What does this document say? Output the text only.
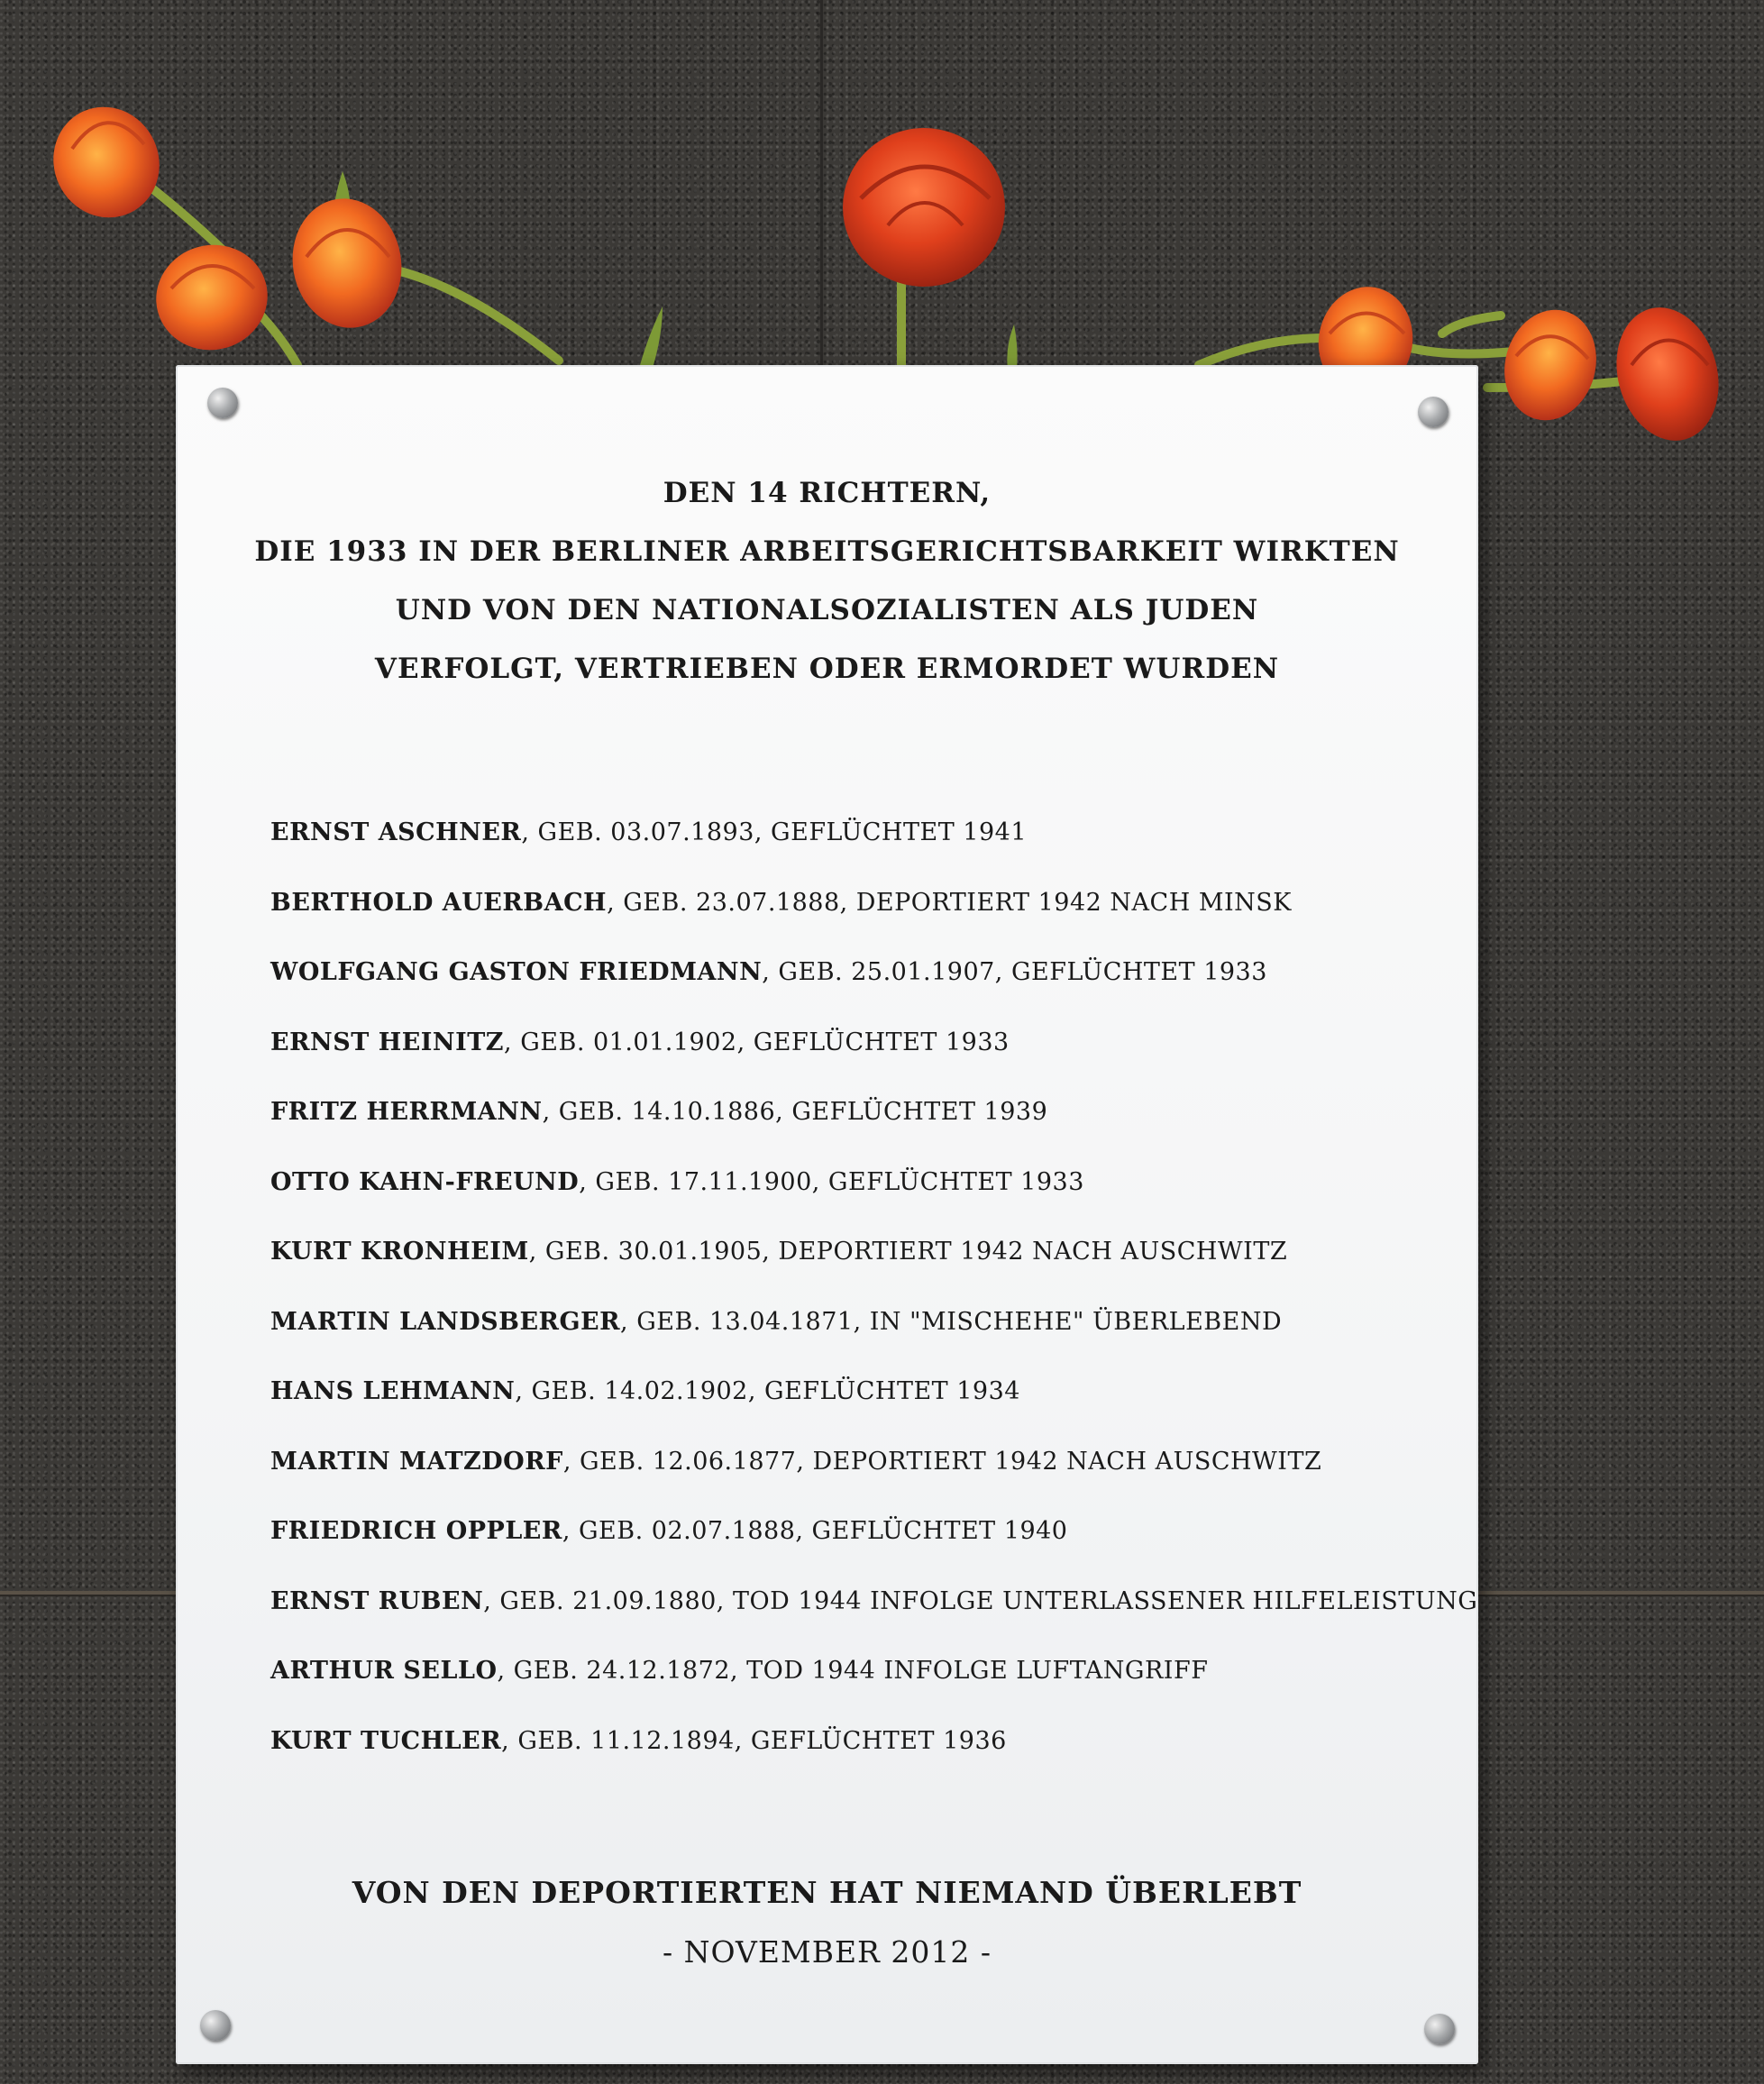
DEN 14 RICHTERN,
DIE 1933 IN DER BERLINER ARBEITSGERICHTSBARKEIT WIRKTEN
UND VON DEN NATIONALSOZIALISTEN ALS JUDEN
VERFOLGT, VERTRIEBEN ODER ERMORDET WURDEN
ERNST ASCHNER, GEB. 03.07.1893, GEFLÜCHTET 1941
BERTHOLD AUERBACH, GEB. 23.07.1888, DEPORTIERT 1942 NACH MINSK
WOLFGANG GASTON FRIEDMANN, GEB. 25.01.1907, GEFLÜCHTET 1933
ERNST HEINITZ, GEB. 01.01.1902, GEFLÜCHTET 1933
FRITZ HERRMANN, GEB. 14.10.1886, GEFLÜCHTET 1939
OTTO KAHN-FREUND, GEB. 17.11.1900, GEFLÜCHTET 1933
KURT KRONHEIM, GEB. 30.01.1905, DEPORTIERT 1942 NACH AUSCHWITZ
MARTIN LANDSBERGER, GEB. 13.04.1871, IN "MISCHEHE" ÜBERLEBEND
HANS LEHMANN, GEB. 14.02.1902, GEFLÜCHTET 1934
MARTIN MATZDORF, GEB. 12.06.1877, DEPORTIERT 1942 NACH AUSCHWITZ
FRIEDRICH OPPLER, GEB. 02.07.1888, GEFLÜCHTET 1940
ERNST RUBEN, GEB. 21.09.1880, TOD 1944 INFOLGE UNTERLASSENER HILFELEISTUNG
ARTHUR SELLO, GEB. 24.12.1872, TOD 1944 INFOLGE LUFTANGRIFF
KURT TUCHLER, GEB. 11.12.1894, GEFLÜCHTET 1936
VON DEN DEPORTIERTEN HAT NIEMAND ÜBERLEBT
- NOVEMBER 2012 -
